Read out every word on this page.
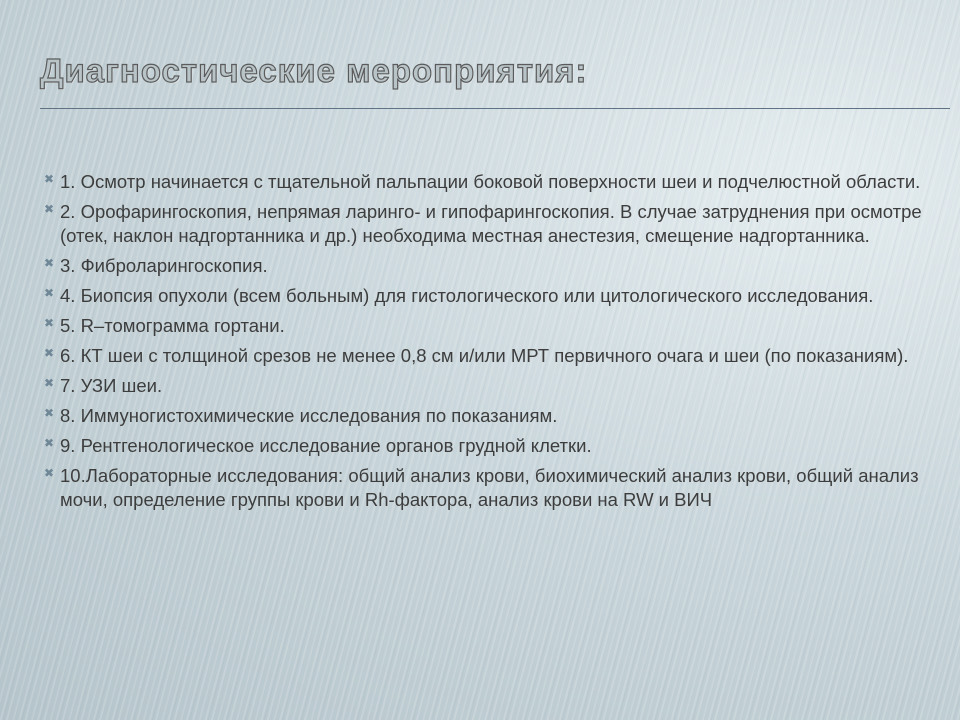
Диагностические мероприятия:
✖ 1. Осмотр начинается с тщательной пальпации боковой поверхности шеи и подчелюстной области.
✖ 2. Орофарингоскопия, непрямая ларинго- и гипофарингоскопия. В случае затруднения при осмотре (отек, наклон надгортанника и др.) необходима местная анестезия, смещение надгортанника.
✖ 3. Фиброларингоскопия.
✖ 4. Биопсия опухоли (всем больным) для гистологического или цитологического исследования.
✖ 5. R–томограмма гортани.
✖ 6. КТ шеи с толщиной срезов не менее 0,8 см и/или МРТ первичного очага и шеи (по показаниям).
✖ 7. УЗИ шеи.
✖ 8. Иммуногистохимические исследования по показаниям.
✖ 9. Рентгенологическое исследование органов грудной клетки.
✖ 10.Лабораторные исследования: общий анализ крови, биохимический анализ крови, общий анализ мочи, определение группы крови и Rh-фактора, анализ крови на RW и ВИЧ
